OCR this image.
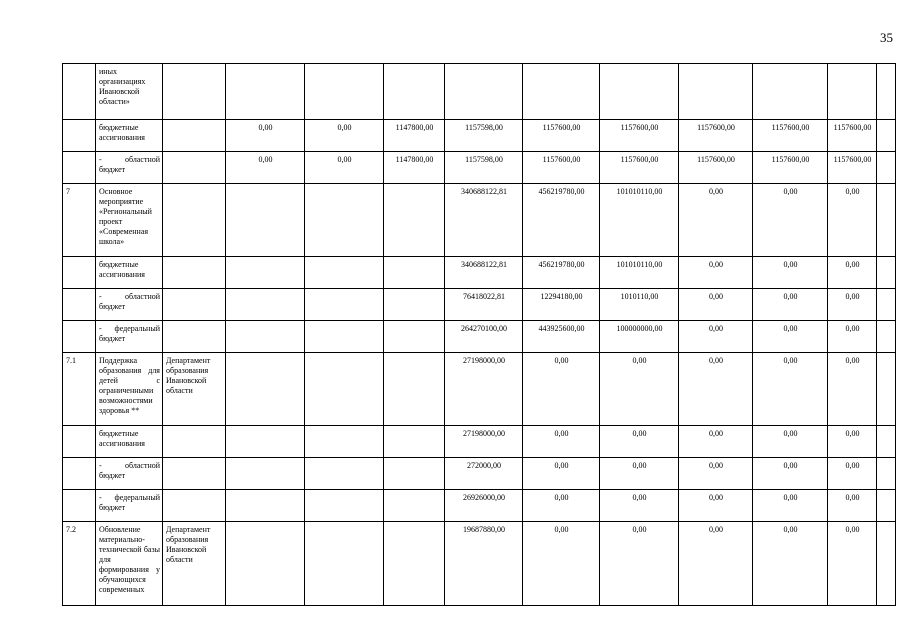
35
	иных организациях Ивановской области»											
	бюджетные ассигнования		0,00	0,00	1147800,00	1157598,00	1157600,00	1157600,00	1157600,00	1157600,00	1157600,00	
	- областной бюджет		0,00	0,00	1147800,00	1157598,00	1157600,00	1157600,00	1157600,00	1157600,00	1157600,00	
7	Основное мероприятие «Региональный проект «Современная школа»					340688122,81	456219780,00	101010110,00	0,00	0,00	0,00	
	бюджетные ассигнования					340688122,81	456219780,00	101010110,00	0,00	0,00	0,00	
	- областной бюджет					76418022,81	12294180,00	1010110,00	0,00	0,00	0,00	
	- федеральный бюджет					264270100,00	443925600,00	100000000,00	0,00	0,00	0,00	
7.1	Поддержка образования для детей с ограниченными возможностями здоровья **	Департамент образования Ивановской области				27198000,00	0,00	0,00	0,00	0,00	0,00	
	бюджетные ассигнования					27198000,00	0,00	0,00	0,00	0,00	0,00	
	- областной бюджет					272000,00	0,00	0,00	0,00	0,00	0,00	
	- федеральный бюджет					26926000,00	0,00	0,00	0,00	0,00	0,00	
7.2	Обновление материально-технической базы для формирования у обучающихся современных	Департамент образования Ивановской области				19687880,00	0,00	0,00	0,00	0,00	0,00	
